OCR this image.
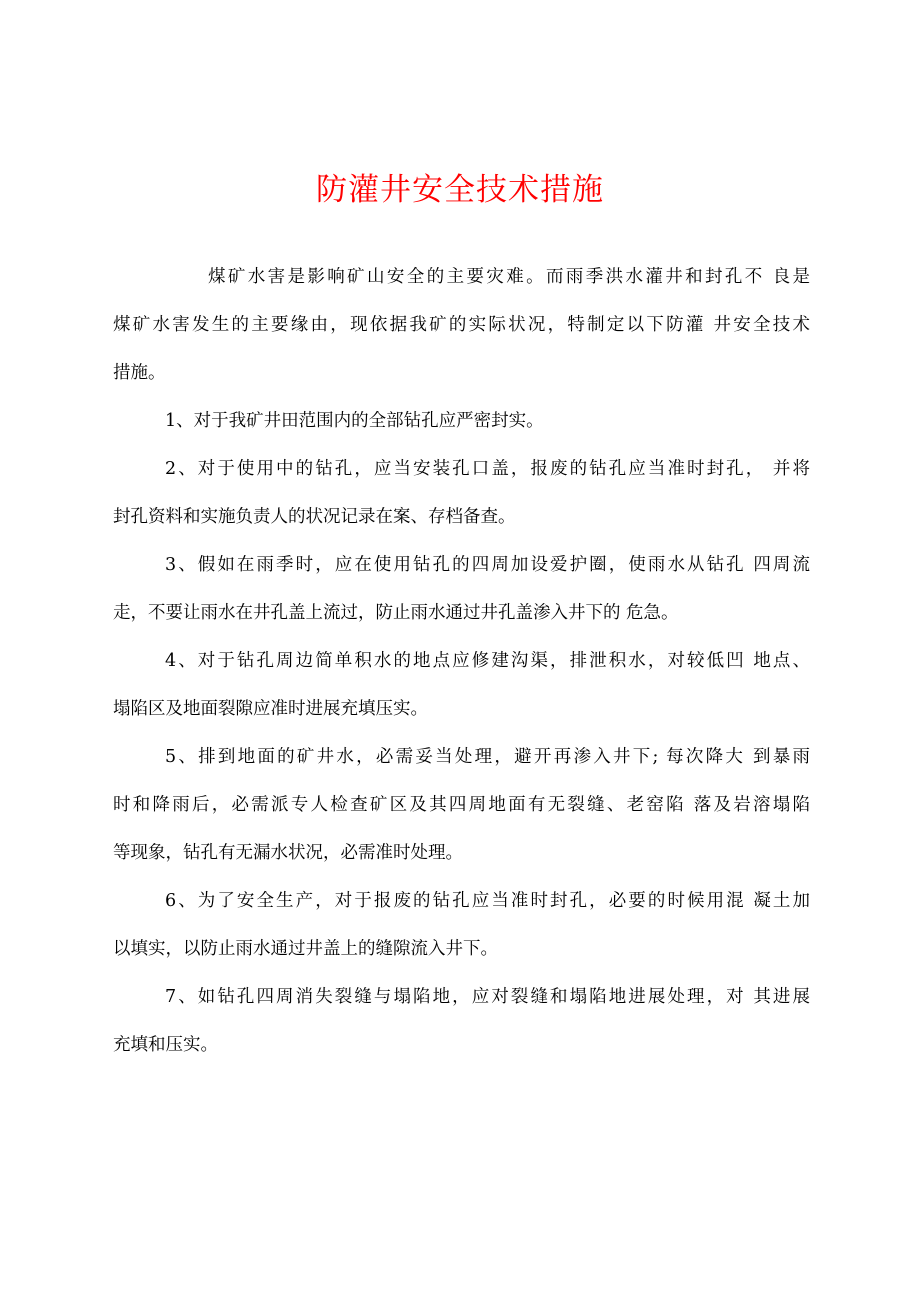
防灌井安全技术措施
煤矿水害是影响矿山安全的主要灾难。而雨季洪水灌井和封孔不 良是
煤矿水害发生的主要缘由，现依据我矿的实际状况，特制定以下防灌 井安全技术
措施。
1、对于我矿井田范围内的全部钻孔应严密封实。
2、对于使用中的钻孔，应当安装孔口盖，报废的钻孔应当准时封孔， 并将
封孔资料和实施负责人的状况记录在案、存档备查。
3、假如在雨季时，应在使用钻孔的四周加设爱护圈，使雨水从钻孔 四周流
走，不要让雨水在井孔盖上流过，防止雨水通过井孔盖渗入井下的 危急。
4、对于钻孔周边简单积水的地点应修建沟渠，排泄积水，对较低凹 地点、
塌陷区及地面裂隙应准时进展充填压实。
5、排到地面的矿井水，必需妥当处理，避开再渗入井下; 每次降大 到暴雨
时和降雨后，必需派专人检查矿区及其四周地面有无裂缝、老窑陷 落及岩溶塌陷
等现象，钻孔有无漏水状况，必需准时处理。
6、为了安全生产，对于报废的钻孔应当准时封孔，必要的时候用混 凝土加
以填实，以防止雨水通过井盖上的缝隙流入井下。
7、如钻孔四周消失裂缝与塌陷地，应对裂缝和塌陷地进展处理，对 其进展
充填和压实。
